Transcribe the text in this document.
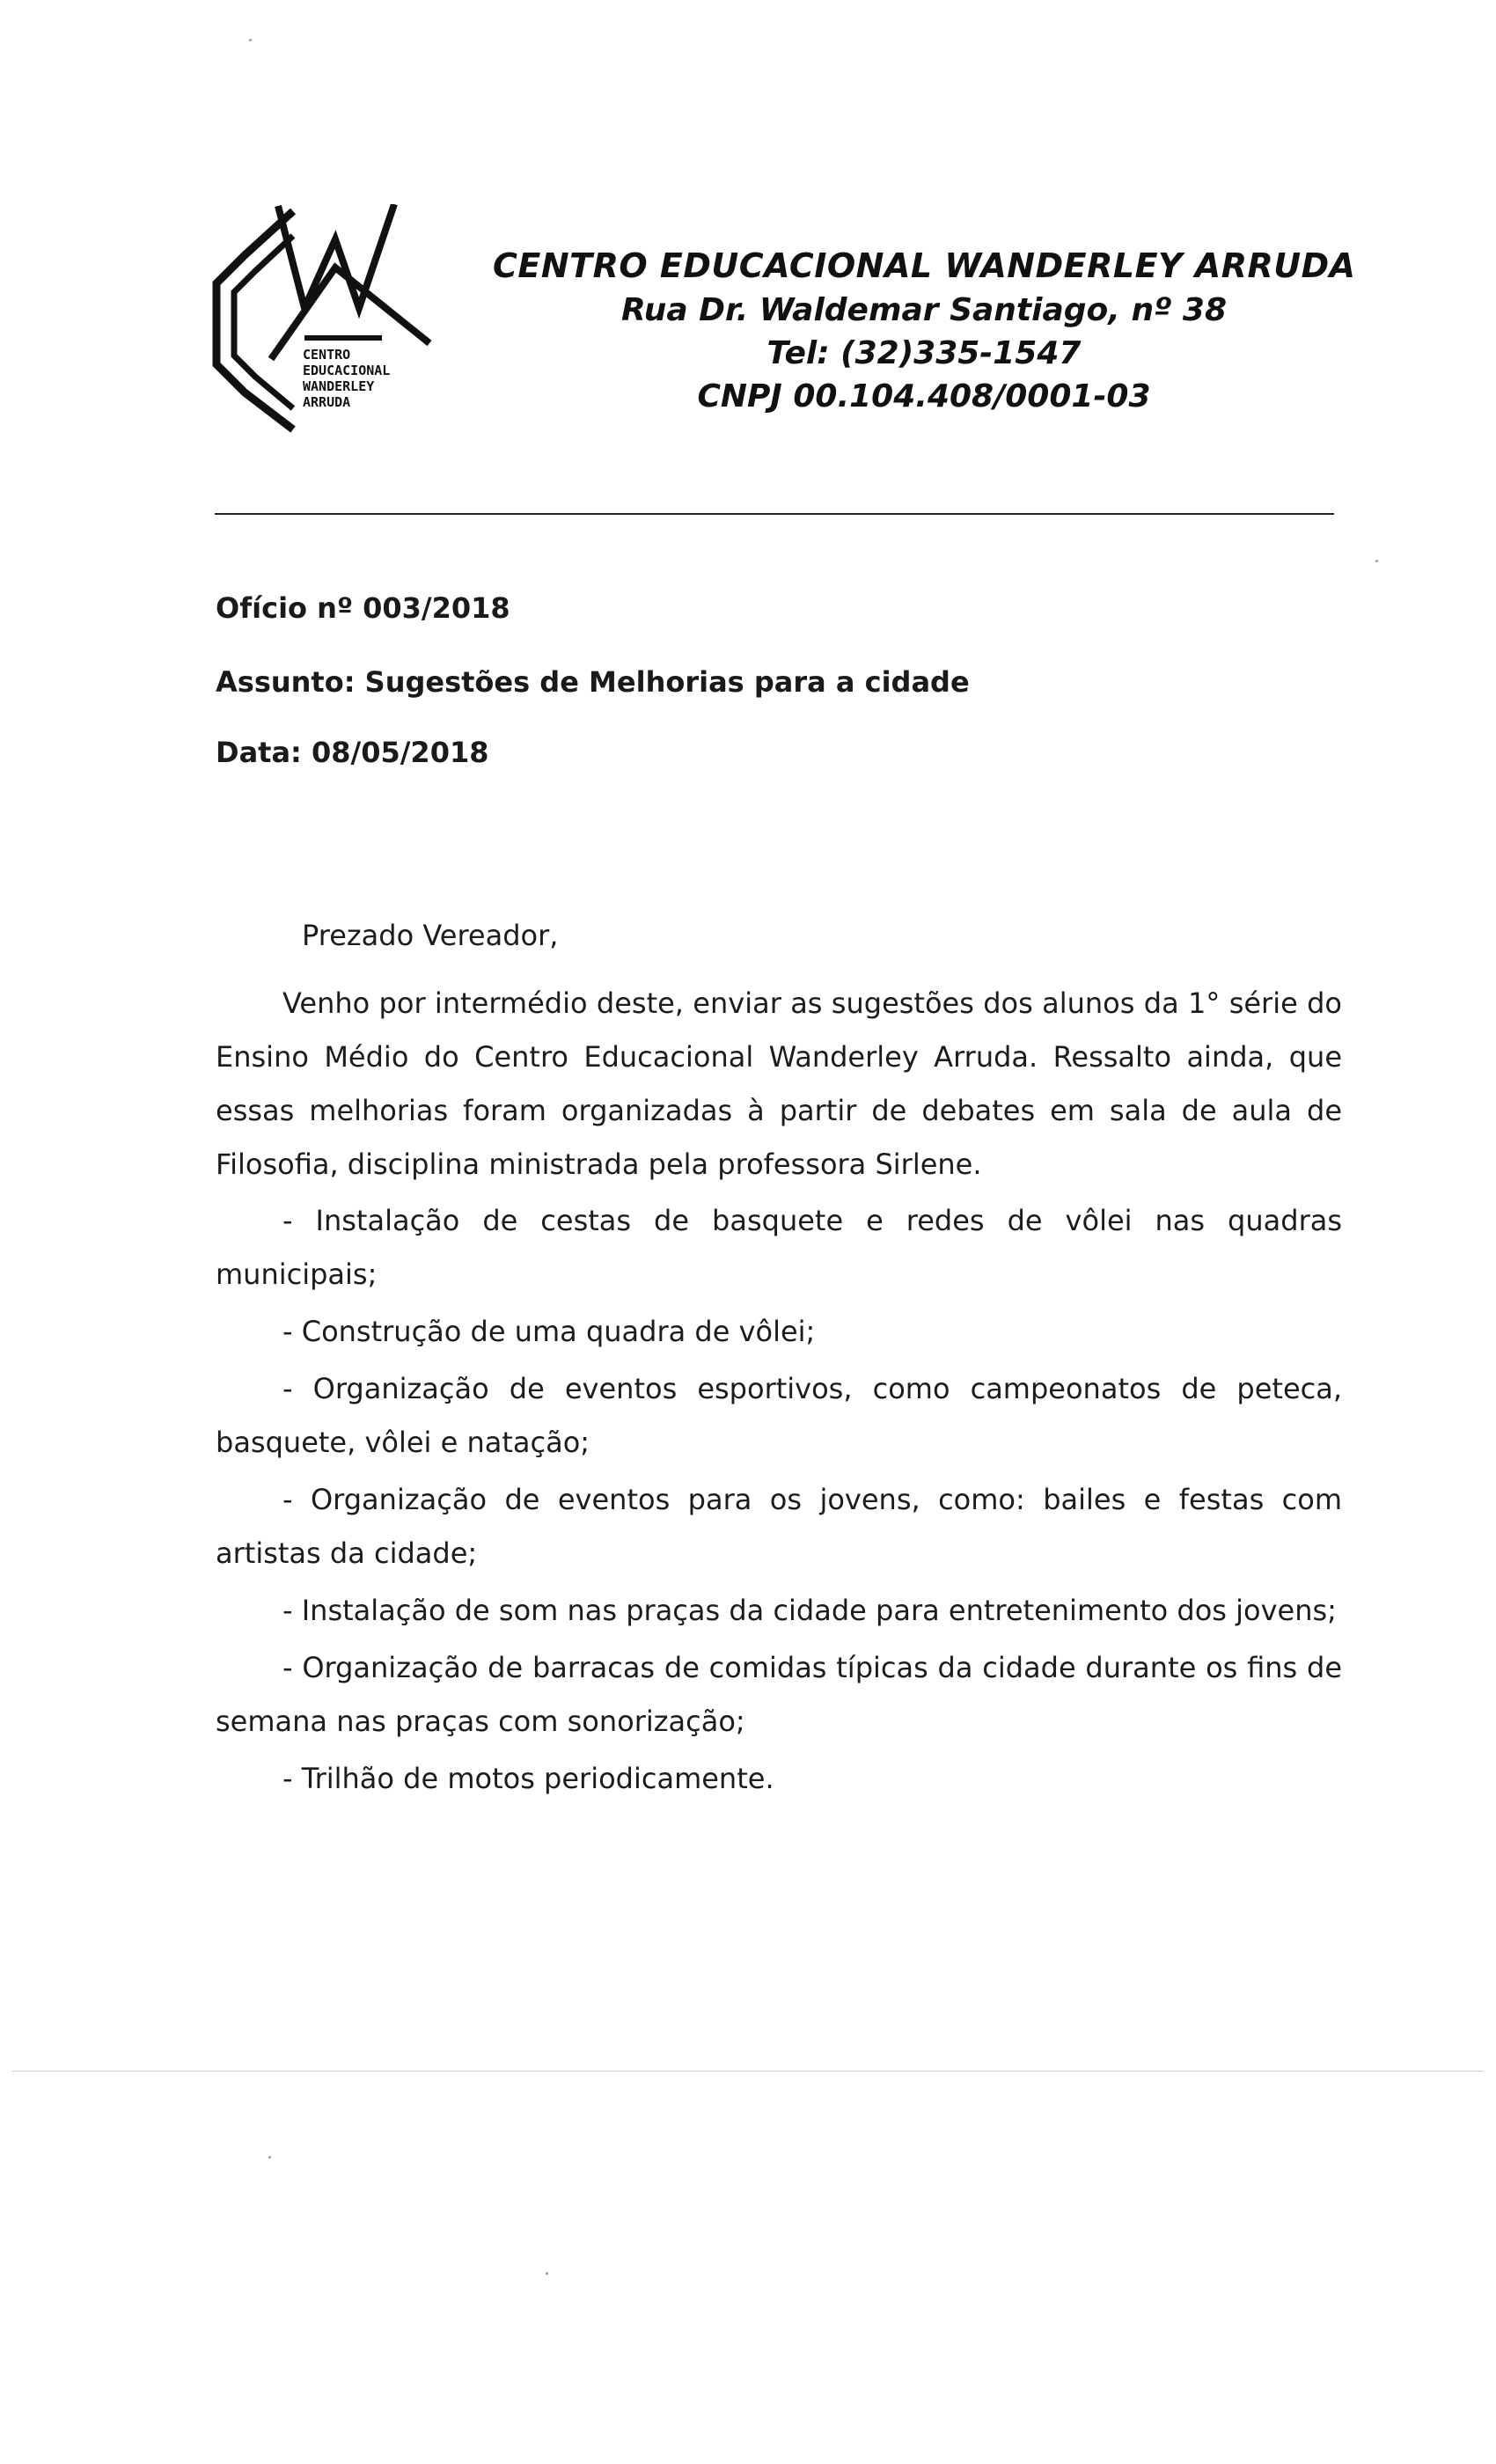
CENTRO
EDUCACIONAL
WANDERLEY
ARRUDA
CENTRO EDUCACIONAL WANDERLEY ARRUDA
Rua Dr. Waldemar Santiago, nº 38
Tel: (32)335-1547
CNPJ 00.104.408/0001-03
Ofício nº 003/2018
Assunto: Sugestões de Melhorias para a cidade
Data: 08/05/2018
Prezado Vereador,

Venho por intermédio deste, enviar as sugestões dos alunos da 1° série do Ensino Médio do Centro Educacional Wanderley Arruda. Ressalto ainda, que essas melhorias foram organizadas à partir de debates em sala de aula de Filosofia, disciplina ministrada pela professora Sirlene.

- Instalação de cestas de basquete e redes de vôlei nas quadras municipais;

- Construção de uma quadra de vôlei;

- Organização de eventos esportivos, como campeonatos de peteca, basquete, vôlei e natação;

- Organização de eventos para os jovens, como: bailes e festas com artistas da cidade;

- Instalação de som nas praças da cidade para entretenimento dos jovens;

- Organização de barracas de comidas típicas da cidade durante os fins de semana nas praças com sonorização;

- Trilhão de motos periodicamente.
